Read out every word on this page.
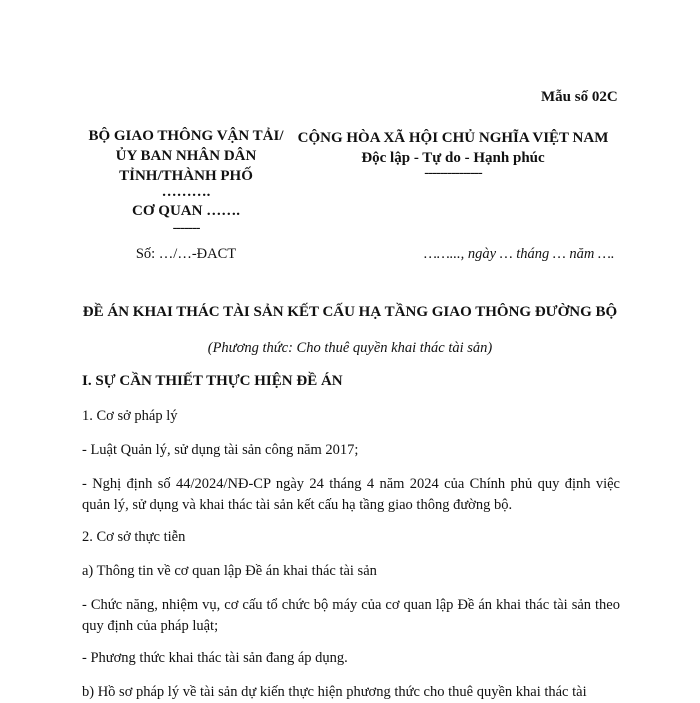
Mẫu số 02C
BỘ GIAO THÔNG VẬN TẢI/
ỦY BAN NHÂN DÂN
TỈNH/THÀNH PHỐ
……….
CƠ QUAN …….
-------
Số: …/…-ĐACT
CỘNG HÒA XÃ HỘI CHỦ NGHĨA VIỆT NAM
Độc lập - Tự do - Hạnh phúc
---------------
……..., ngày … tháng … năm ….
ĐỀ ÁN KHAI THÁC TÀI SẢN KẾT CẤU HẠ TẦNG GIAO THÔNG ĐƯỜNG BỘ
(Phương thức: Cho thuê quyền khai thác tài sản)
I. SỰ CẦN THIẾT THỰC HIỆN ĐỀ ÁN
1. Cơ sở pháp lý
- Luật Quản lý, sử dụng tài sản công năm 2017;
- Nghị định số 44/2024/NĐ-CP ngày 24 tháng 4 năm 2024 của Chính phủ quy định việc quản lý, sử dụng và khai thác tài sản kết cấu hạ tầng giao thông đường bộ.
2. Cơ sở thực tiễn
a) Thông tin về cơ quan lập Đề án khai thác tài sản
- Chức năng, nhiệm vụ, cơ cấu tổ chức bộ máy của cơ quan lập Đề án khai thác tài sản theo quy định của pháp luật;
- Phương thức khai thác tài sản đang áp dụng.
b) Hồ sơ pháp lý về tài sản dự kiến thực hiện phương thức cho thuê quyền khai thác tài
